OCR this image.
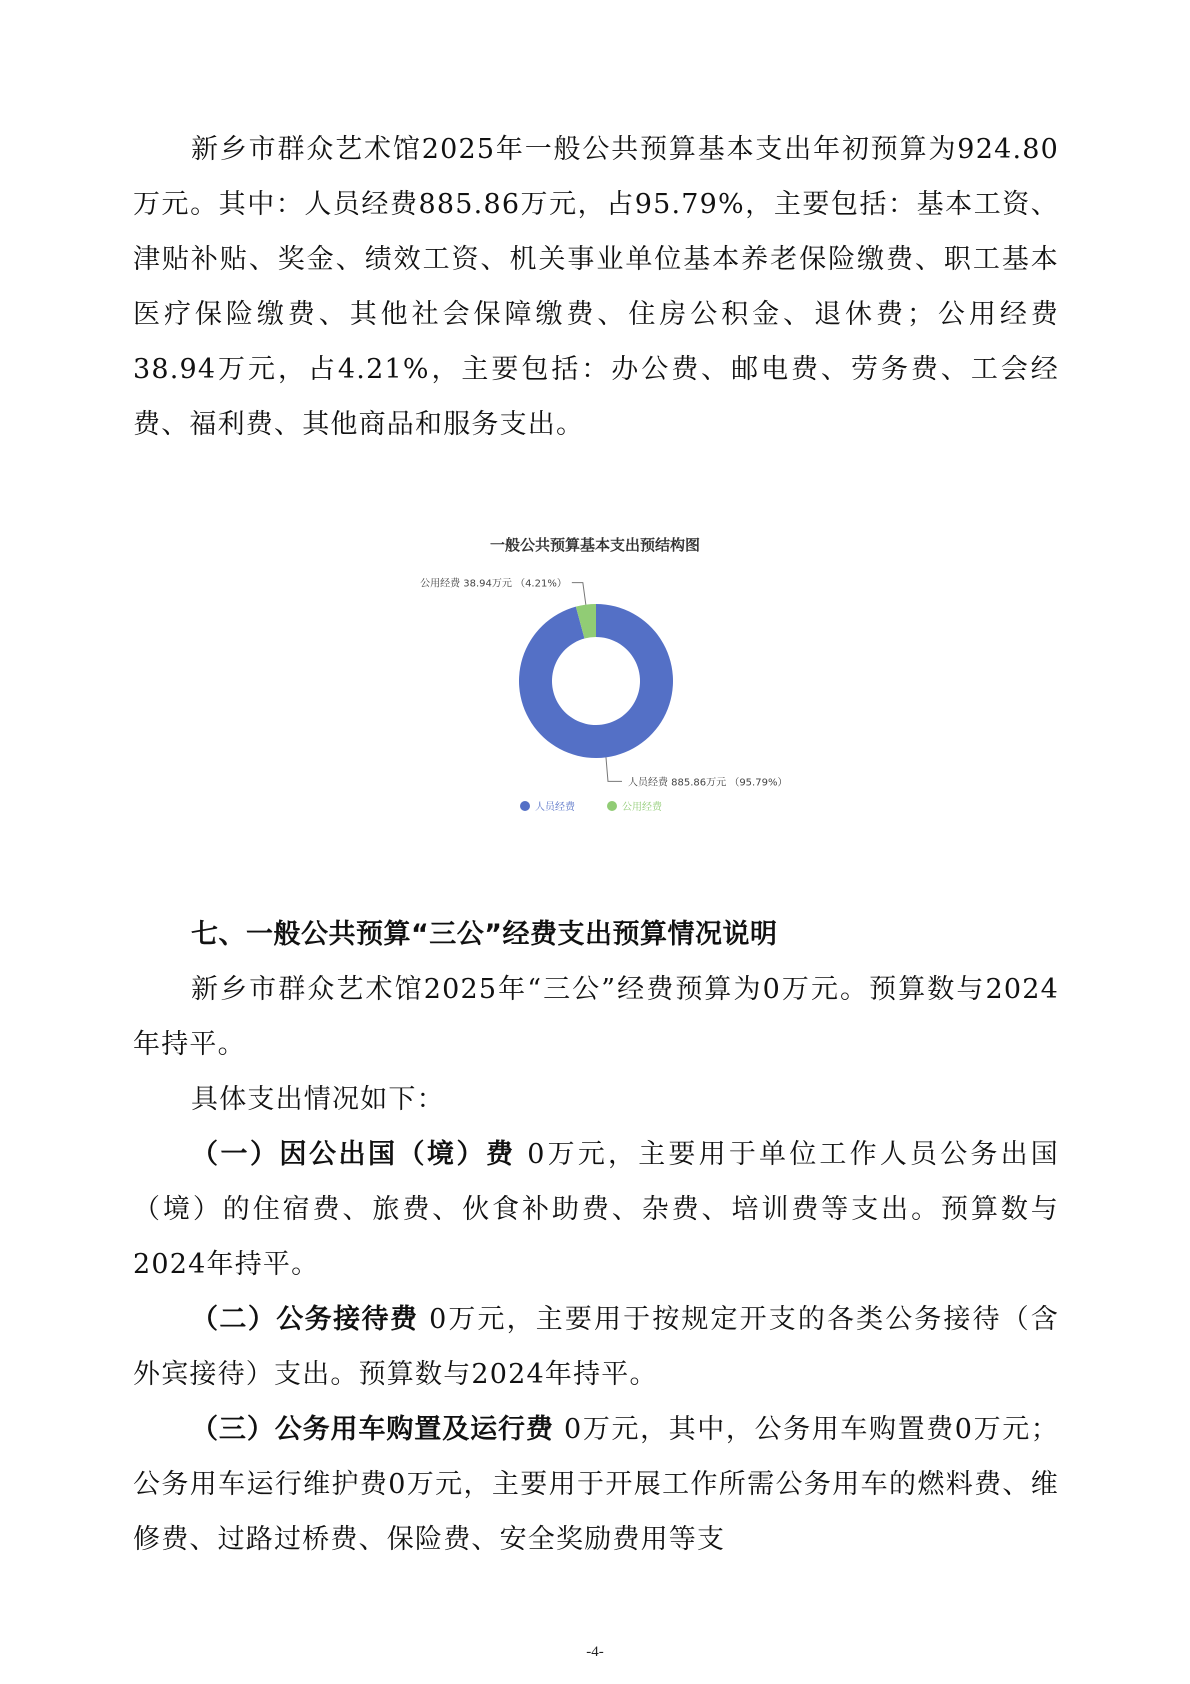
新乡市群众艺术馆2025年一般公共预算基本支出年初预算为924.80万元。其中：人员经费885.86万元，占95.79%，主要包括：基本工资、津贴补贴、奖金、绩效工资、机关事业单位基本养老保险缴费、职工基本医疗保险缴费、其他社会保障缴费、住房公积金、退休费；公用经费38.94万元，占4.21%，主要包括：办公费、邮电费、劳务费、工会经费、福利费、其他商品和服务支出。

一般公共预算基本支出预结构图
公用经费 38.94万元 （4.21%）
人员经费 885.86万元 （95.79%）
人员经费	公用经费

七、一般公共预算“三公”经费支出预算情况说明

新乡市群众艺术馆2025年“三公”经费预算为0万元。预算数与2024年持平。

具体支出情况如下：

（一）因公出国（境）费 0万元，主要用于单位工作人员公务出国（境）的住宿费、旅费、伙食补助费、杂费、培训费等支出。预算数与2024年持平。

（二）公务接待费 0万元，主要用于按规定开支的各类公务接待（含外宾接待）支出。预算数与2024年持平。

（三）公务用车购置及运行费 0万元，其中，公务用车购置费0万元；公务用车运行维护费0万元，主要用于开展工作所需公务用车的燃料费、维修费、过路过桥费、保险费、安全奖励费用等支

-4-
